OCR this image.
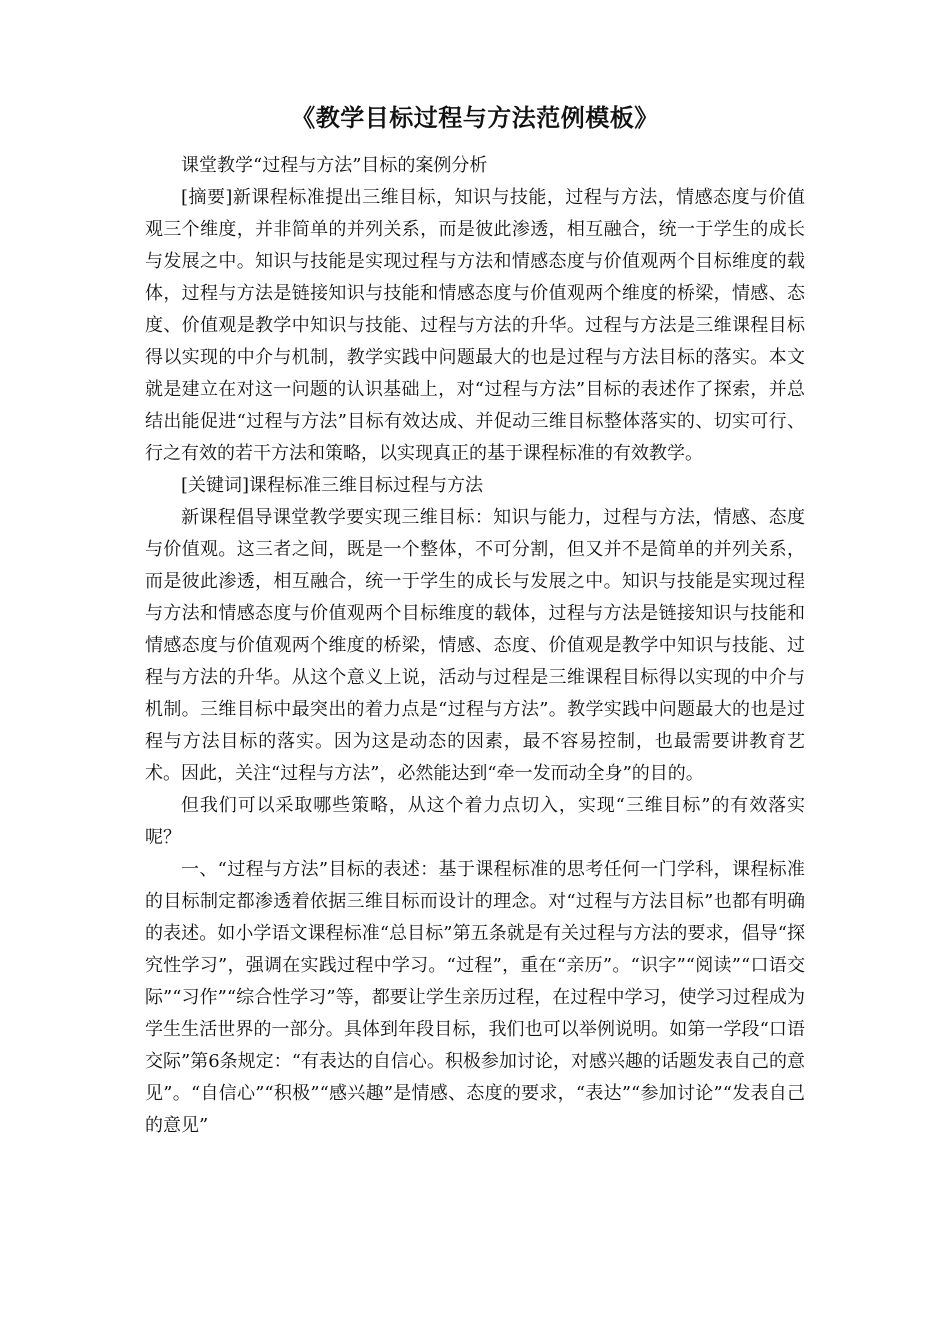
《教学目标过程与方法范例模板》

课堂教学“过程与方法”目标的案例分析

[摘要]新课程标准提出三维目标，知识与技能，过程与方法，情感态度与价值观三个维度，并非简单的并列关系，而是彼此渗透，相互融合，统一于学生的成长与发展之中。知识与技能是实现过程与方法和情感态度与价值观两个目标维度的载体，过程与方法是链接知识与技能和情感态度与价值观两个维度的桥梁，情感、态度、价值观是教学中知识与技能、过程与方法的升华。过程与方法是三维课程目标得以实现的中介与机制，教学实践中问题最大的也是过程与方法目标的落实。本文就是建立在对这一问题的认识基础上，对“过程与方法”目标的表述作了探索，并总结出能促进“过程与方法”目标有效达成、并促动三维目标整体落实的、切实可行、行之有效的若干方法和策略，以实现真正的基于课程标准的有效教学。

[关键词]课程标准三维目标过程与方法

新课程倡导课堂教学要实现三维目标：知识与能力，过程与方法，情感、态度与价值观。这三者之间，既是一个整体，不可分割，但又并不是简单的并列关系，而是彼此渗透，相互融合，统一于学生的成长与发展之中。知识与技能是实现过程与方法和情感态度与价值观两个目标维度的载体，过程与方法是链接知识与技能和情感态度与价值观两个维度的桥梁，情感、态度、价值观是教学中知识与技能、过程与方法的升华。从这个意义上说，活动与过程是三维课程目标得以实现的中介与机制。三维目标中最突出的着力点是“过程与方法”。教学实践中问题最大的也是过程与方法目标的落实。因为这是动态的因素，最不容易控制，也最需要讲教育艺术。因此，关注“过程与方法”，必然能达到“牵一发而动全身”的目的。

但我们可以采取哪些策略，从这个着力点切入，实现“三维目标”的有效落实呢？

一、“过程与方法”目标的表述：基于课程标准的思考任何一门学科，课程标准的目标制定都渗透着依据三维目标而设计的理念。对“过程与方法目标”也都有明确的表述。如小学语文课程标准“总目标”第五条就是有关过程与方法的要求，倡导“探究性学习”，强调在实践过程中学习。“过程”，重在“亲历”。“识字”“阅读”“口语交际”“习作”“综合性学习”等，都要让学生亲历过程，在过程中学习，使学习过程成为学生生活世界的一部分。具体到年段目标，我们也可以举例说明。如第一学段“口语交际”第6条规定：“有表达的自信心。积极参加讨论，对感兴趣的话题发表自己的意见”。“自信心”“积极”“感兴趣”是情感、态度的要求，“表达”“参加讨论”“发表自己的意见”
